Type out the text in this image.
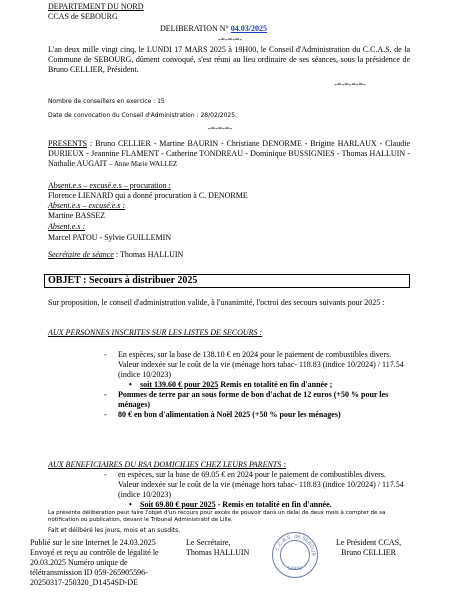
DEPARTEMENT DU NORD
CCAS de SEBOURG
DELIBERATION N° 04.03/2025
-=-=-=-
L'an deux mille vingt cinq, le LUNDI 17 MARS 2025 à 19H00, le Conseil d'Administration du C.C.A.S. de la Commune de SEBOURG, dûment convoqué, s'est réuni au lieu ordinaire de ses séances, sous la présidence de Bruno CELLIER, Président.
-=-=-=-=-
Nombre de conseillers en exercice : 15
Date de convocation du Conseil d'Administration : 28/02/2025.
-=-=-=-
PRESENTS : Bruno CELLIER - Martine BAURIN - Christiane DENORME - Brigitte HARLAUX - Claudie DURIEUX - Jeannine FLAMENT - Catherine TONDREAU - Dominique BUSSIGNIES - Thomas HALLUIN - Nathalie AUGAIT – Anne Marie WALLEZ
Absent.e.s – excusé.e.s – procuration :
Florence LIENARD qui a donné procuration à C. DENORME
Absent.e.s – excusé.e.s :
Martine BASSEZ
Absent.e.s :
Marcel PATOU - Sylvie GUILLEMIN
Secrétaire de séance : Thomas HALLUIN
OBJET : Secours à distribuer 2025
Sur proposition, le conseil d'administration valide, à l'unanimité, l'octroi des secours suivants pour 2025 :
AUX PERSONNES INSCRITES SUR LES LISTES DE SECOURS :
- En espèces, sur la base de 138.10 € en 2024 pour le paiement de combustibles divers. Valeur indexée sur le coût de la vie (ménage hors tabac- 118.83 (indice 10/2024) / 117.54 (indice 10/2023)
• soit 139.60 € pour 2025 Remis en totalité en fin d'année ;
- Pommes de terre par an sous forme de bon d'achat de 12 euros (+50 % pour les ménages)
- 80 € en bon d'alimentation à Noël 2025 (+50 % pour les ménages)
AUX BENEFICIAIRES DU RSA DOMICILIES CHEZ LEURS PARENTS :
- en espèces, sur la base de 69.05 € en 2024 pour le paiement de combustibles divers. Valeur indexée sur le coût de la vie (ménage hors tabac- 118.83 (indice 10/2024) / 117.54 (indice 10/2023)
• Soit 69.80 € pour 2025 - Remis en totalité en fin d'année.
La présente délibération peut faire l'objet d'un recours pour excès de pouvoir dans un délai de deux mois à compter de sa notification ou publication, devant le Tribunal Administratif de Lille.
Fait et délibéré les jours, mois et an susdits.
Publié sur le site Internet le 24.03.2025 Envoyé et reçu au contrôle de légalité le 20.03.2025 Numéro unique de télétransmission ID 059-265905596-20250317-250320_D1454SD-DE
Le Secrétaire,
Thomas HALLUIN	C.C.A.S. de SEBOUR
59990
Le Président CCAS,
Bruno CELLIER
